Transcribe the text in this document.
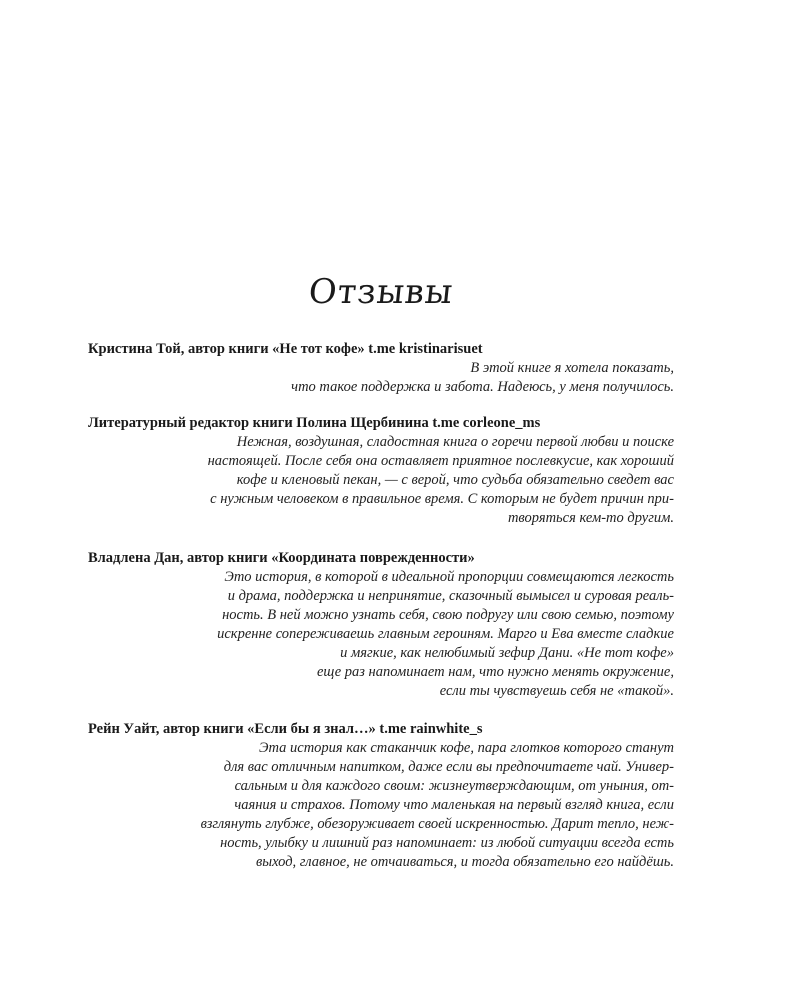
Отзывы
Кристина Той, автор книги «Не тот кофе» t.me kristinarisuet
В этой книге я хотела показать,
что такое поддержка и забота. Надеюсь, у меня получилось.
Литературный редактор книги Полина Щербинина t.me corleone_ms
Нежная, воздушная, сладостная книга о горечи первой любви и поиске
настоящей. После себя она оставляет приятное послевкусие, как хороший
кофе и кленовый пекан, — с верой, что судьба обязательно сведет вас
с нужным человеком в правильное время. С которым не будет причин при-
творяться кем-то другим.
Владлена Дан, автор книги «Координата поврежденности»
Это история, в которой в идеальной пропорции совмещаются легкость
и драма, поддержка и непринятие, сказочный вымысел и суровая реаль-
ность. В ней можно узнать себя, свою подругу или свою семью, поэтому
искренне сопереживаешь главным героиням. Марго и Ева вместе сладкие
и мягкие, как нелюбимый зефир Дани. «Не тот кофе»
еще раз напоминает нам, что нужно менять окружение,
если ты чувствуешь себя не «такой».
Рейн Уайт, автор книги «Если бы я знал…» t.me rainwhite_s
Эта история как стаканчик кофе, пара глотков которого станут
для вас отличным напитком, даже если вы предпочитаете чай. Универ-
сальным и для каждого своим: жизнеутверждающим, от уныния, от-
чаяния и страхов. Потому что маленькая на первый взгляд книга, если
взглянуть глубже, обезоруживает своей искренностью. Дарит тепло, неж-
ность, улыбку и лишний раз напоминает: из любой ситуации всегда есть
выход, главное, не отчаиваться, и тогда обязательно его найдёшь.
